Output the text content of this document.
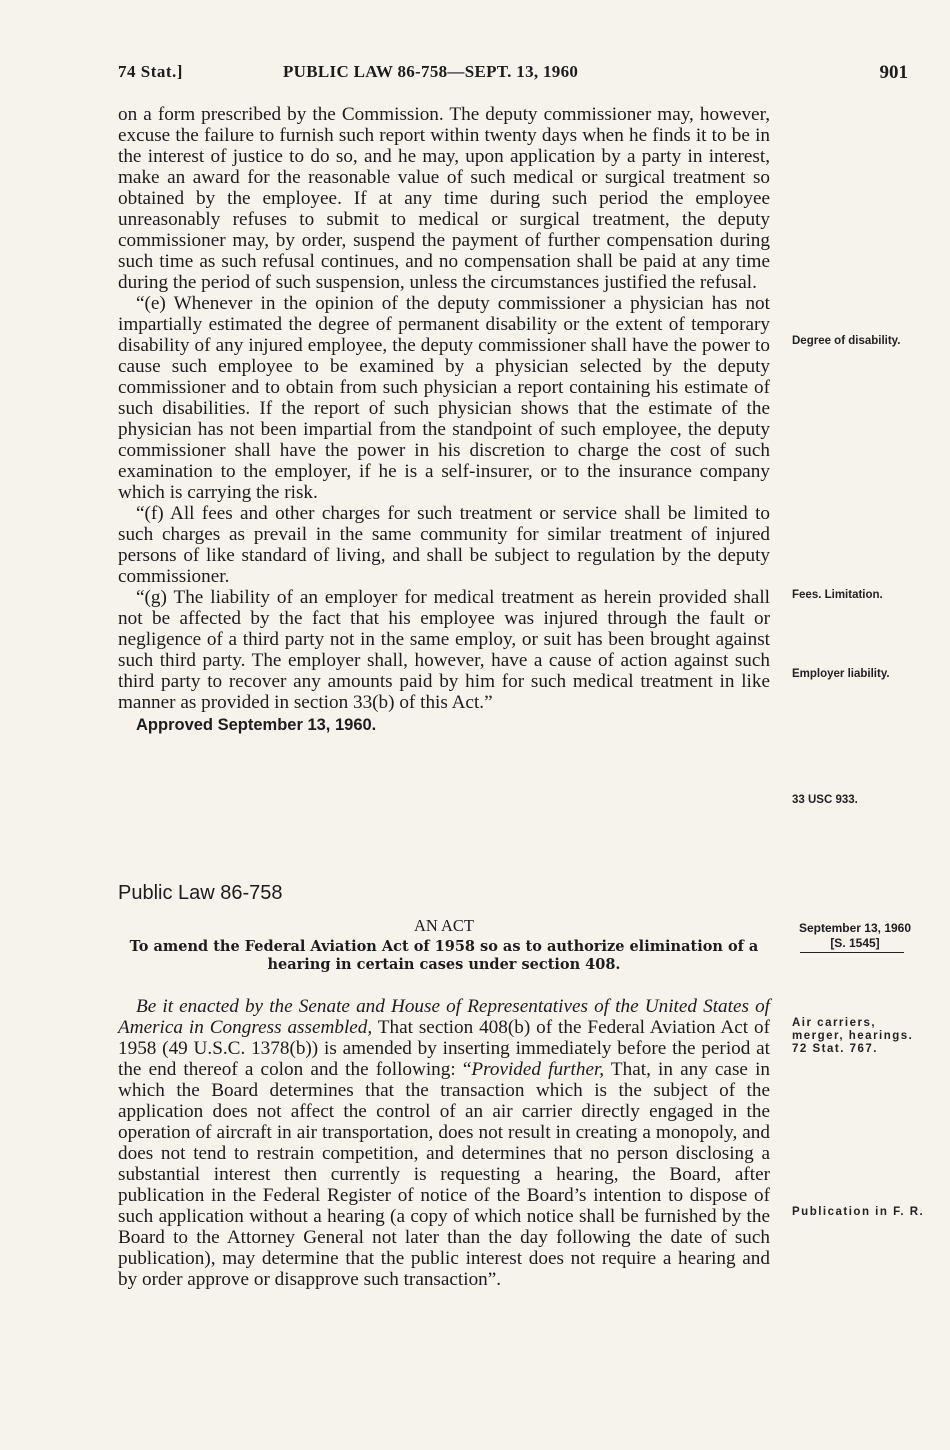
74 Stat.]	PUBLIC LAW 86-758—SEPT. 13, 1960	901

on a form prescribed by the Commission. The deputy commissioner may, however, excuse the failure to furnish such report within twenty days when he finds it to be in the interest of justice to do so, and he may, upon application by a party in interest, make an award for the reasonable value of such medical or surgical treatment so obtained by the employee. If at any time during such period the employee unreasonably refuses to submit to medical or surgical treatment, the deputy commissioner may, by order, suspend the payment of further compensation during such time as such refusal continues, and no compensation shall be paid at any time during the period of such suspension, unless the circumstances justified the refusal.

“(e) Whenever in the opinion of the deputy commissioner a physician has not impartially estimated the degree of permanent disability or the extent of temporary disability of any injured employee, the deputy commissioner shall have the power to cause such employee to be examined by a physician selected by the deputy commissioner and to obtain from such physician a report containing his estimate of such disabilities. If the report of such physician shows that the estimate of the physician has not been impartial from the standpoint of such employee, the deputy commissioner shall have the power in his discretion to charge the cost of such examination to the employer, if he is a self-insurer, or to the insurance company which is carrying the risk.

“(f) All fees and other charges for such treatment or service shall be limited to such charges as prevail in the same community for similar treatment of injured persons of like standard of living, and shall be subject to regulation by the deputy commissioner.

“(g) The liability of an employer for medical treatment as herein provided shall not be affected by the fact that his employee was injured through the fault or negligence of a third party not in the same employ, or suit has been brought against such third party. The employer shall, however, have a cause of action against such third party to recover any amounts paid by him for such medical treatment in like manner as provided in section 33(b) of this Act.”

Approved September 13, 1960.

Degree of disability.
Fees. Limitation.
Employer liability.
33 USC 933.
Public Law 86-758
AN ACT
To amend the Federal Aviation Act of 1958 so as to authorize elimination of a hearing in certain cases under section 408.
September 13, 1960
[S. 1545]

Be it enacted by the Senate and House of Representatives of the United States of America in Congress assembled, That section 408(b) of the Federal Aviation Act of 1958 (49 U.S.C. 1378(b)) is amended by inserting immediately before the period at the end thereof a colon and the following: “Provided further, That, in any case in which the Board determines that the transaction which is the subject of the application does not affect the control of an air carrier directly engaged in the operation of aircraft in air transportation, does not result in creating a monopoly, and does not tend to restrain competition, and determines that no person disclosing a substantial interest then currently is requesting a hearing, the Board, after publication in the Federal Register of notice of the Board’s intention to dispose of such application without a hearing (a copy of which notice shall be furnished by the Board to the Attorney General not later than the day following the date of such publication), may determine that the public interest does not require a hearing and by order approve or disapprove such transaction”.

Air carriers, merger, hearings. 72 Stat. 767.
Publication in F. R.
